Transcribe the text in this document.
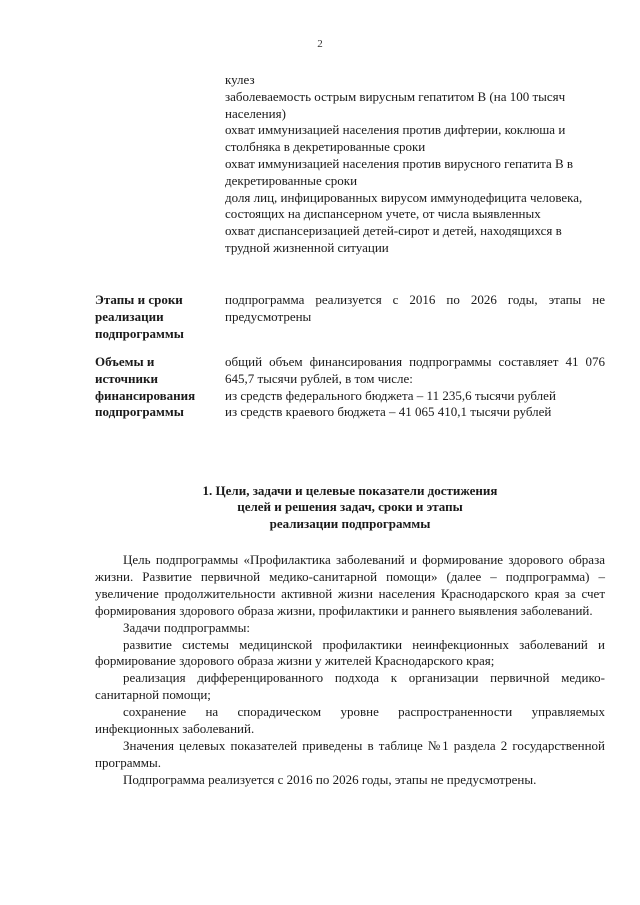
2

кулез

заболеваемость острым вирусным гепатитом В (на 100 тысяч населения)

охват иммунизацией населения против дифтерии, коклюша и столбняка в декретированные сроки

охват иммунизацией населения против вирусного гепатита В в декретированные сроки

доля лиц, инфицированных вирусом иммунодефицита человека, состоящих на диспансерном учете, от числа выявленных

охват диспансеризацией детей-сирот и детей, находящихся в трудной жизненной ситуации

Этапы и сроки
реализации
подпрограммы

подпрограмма реализуется с 2016 по 2026 годы, этапы не предусмотрены

Объемы и
источники
финансирования
подпрограммы

общий объем финансирования подпрограммы составляет 41 076 645,7 тысячи рублей, в том числе:

из средств федерального бюджета – 11 235,6 тысячи рублей

из средств краевого бюджета – 41 065 410,1 тысячи рублей

1. Цели, задачи и целевые показатели достижения
целей и решения задач, сроки и этапы
реализации подпрограммы

Цель подпрограммы «Профилактика заболеваний и формирование здорового образа жизни. Развитие первичной медико-санитарной помощи» (далее – подпрограмма) – увеличение продолжительности активной жизни населения Краснодарского края за счет формирования здорового образа жизни, профилактики и раннего выявления заболеваний.

Задачи подпрограммы:

развитие системы медицинской профилактики неинфекционных заболеваний и формирование здорового образа жизни у жителей Краснодарского края;

реализация дифференцированного подхода к организации первичной медико-санитарной помощи;

сохранение на спорадическом уровне распространенности управляемых инфекционных заболеваний.

Значения целевых показателей приведены в таблице №1 раздела 2 государственной программы.

Подпрограмма реализуется с 2016 по 2026 годы, этапы не предусмотрены.
